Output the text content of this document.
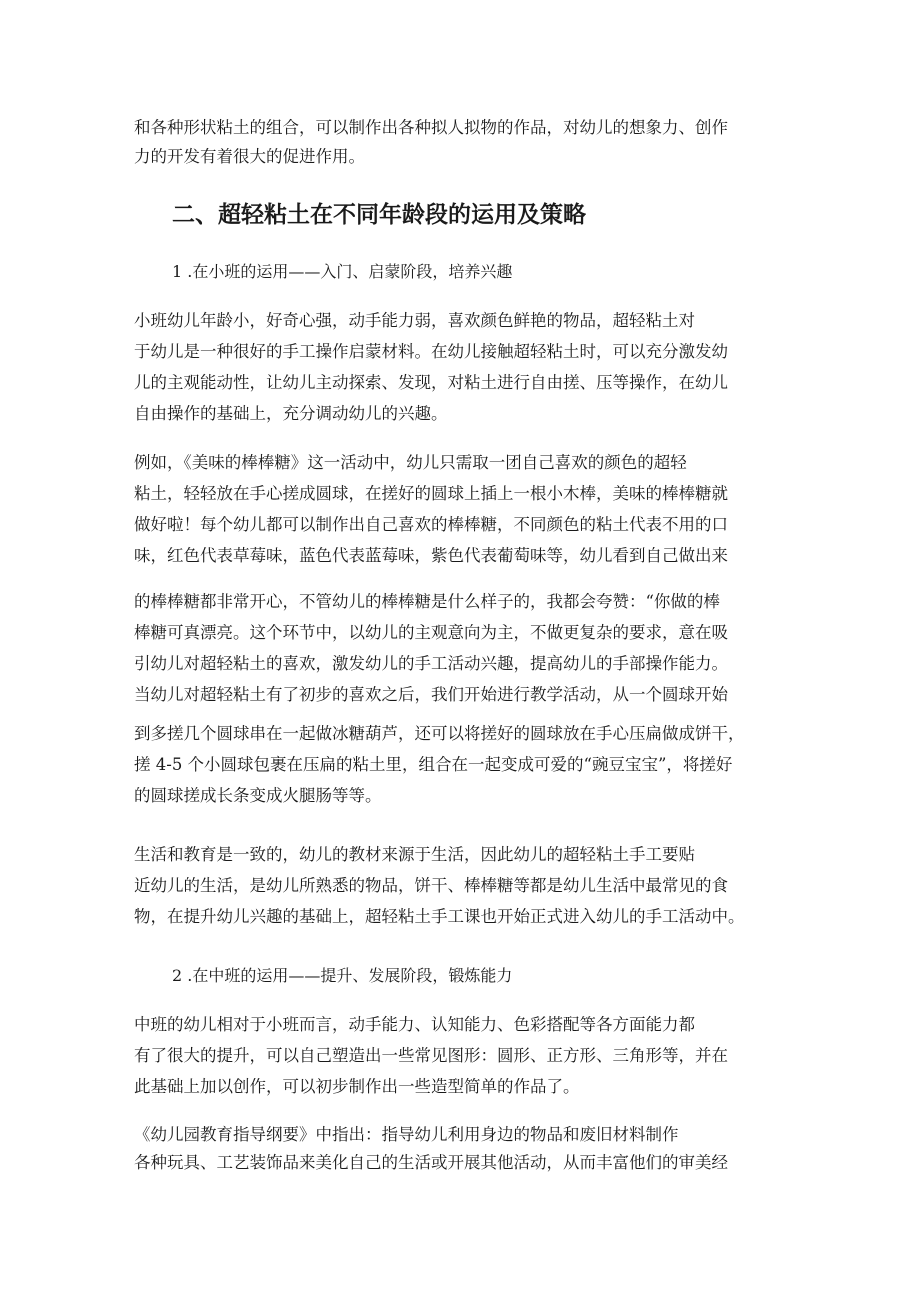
和各种形状粘土的组合，可以制作出各种拟人拟物的作品，对幼儿的想象力、创作
力的开发有着很大的促进作用。
二、超轻粘土在不同年龄段的运用及策略
1 .在小班的运用——入门、启蒙阶段，培养兴趣
小班幼儿年龄小，好奇心强，动手能力弱，喜欢颜色鲜艳的物品，超轻粘土对
于幼儿是一种很好的手工操作启蒙材料。在幼儿接触超轻粘土时，可以充分激发幼
儿的主观能动性，让幼儿主动探索、发现，对粘土进行自由搓、压等操作，在幼儿
自由操作的基础上，充分调动幼儿的兴趣。
例如，《美味的棒棒糖》这一活动中，幼儿只需取一团自己喜欢的颜色的超轻
粘土，轻轻放在手心搓成圆球，在搓好的圆球上插上一根小木棒，美味的棒棒糖就
做好啦！每个幼儿都可以制作出自己喜欢的棒棒糖，不同颜色的粘土代表不用的口
味，红色代表草莓味，蓝色代表蓝莓味，紫色代表葡萄味等，幼儿看到自己做出来
的棒棒糖都非常开心，不管幼儿的棒棒糖是什么样子的，我都会夸赞：“你做的棒
棒糖可真漂亮。这个环节中，以幼儿的主观意向为主，不做更复杂的要求，意在吸
引幼儿对超轻粘土的喜欢，激发幼儿的手工活动兴趣，提高幼儿的手部操作能力。
当幼儿对超轻粘土有了初步的喜欢之后，我们开始进行教学活动，从一个圆球开始
到多搓几个圆球串在一起做冰糖葫芦，还可以将搓好的圆球放在手心压扁做成饼干，
搓 4-5 个小圆球包裹在压扁的粘土里，组合在一起变成可爱的“豌豆宝宝”，将搓好
的圆球搓成长条变成火腿肠等等。
生活和教育是一致的，幼儿的教材来源于生活，因此幼儿的超轻粘土手工要贴
近幼儿的生活，是幼儿所熟悉的物品，饼干、棒棒糖等都是幼儿生活中最常见的食
物，在提升幼儿兴趣的基础上，超轻粘土手工课也开始正式进入幼儿的手工活动中。
2 .在中班的运用——提升、发展阶段，锻炼能力
中班的幼儿相对于小班而言，动手能力、认知能力、色彩搭配等各方面能力都
有了很大的提升，可以自己塑造出一些常见图形：圆形、正方形、三角形等，并在
此基础上加以创作，可以初步制作出一些造型简单的作品了。
《幼儿园教育指导纲要》中指出：指导幼儿利用身边的物品和废旧材料制作
各种玩具、工艺装饰品来美化自己的生活或开展其他活动，从而丰富他们的审美经
